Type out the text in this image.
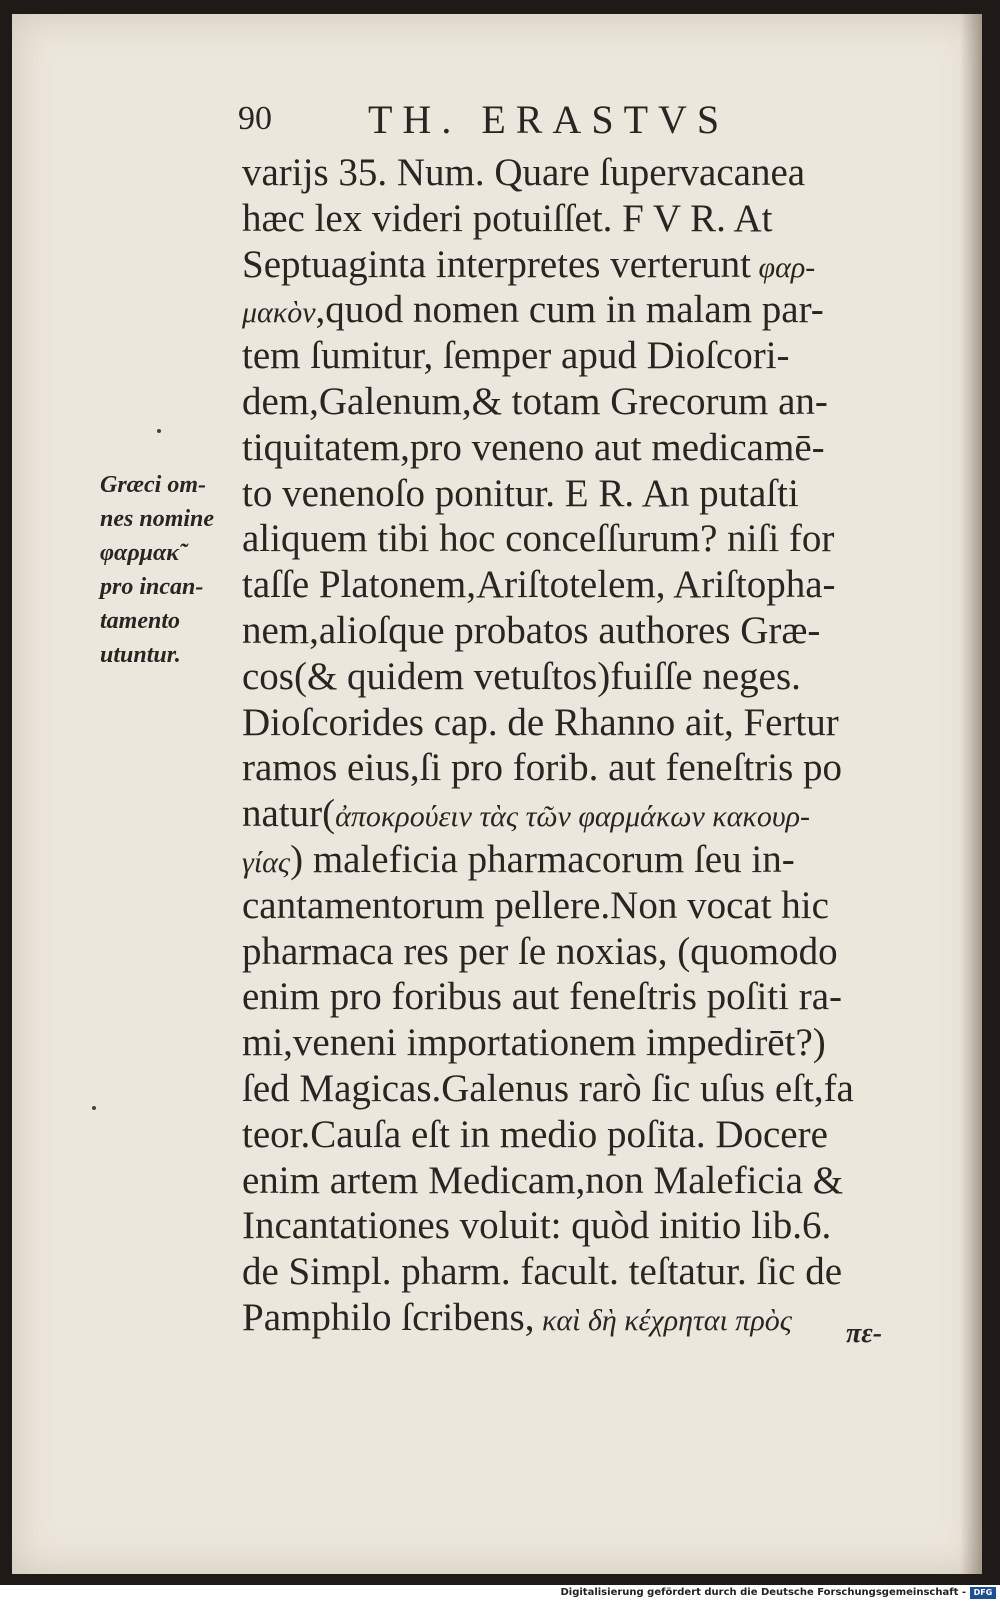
90 TH. ERASTVS
Græci om-
nes nomine
φαρμακ̃
pro incan-
tamento
utuntur.
varijs 35. Num. Quare ſupervacanea
hæc lex videri potuiſſet. F V R. At
Septuaginta interpretes verterunt φαρ-
μακὸν,quod nomen cum in malam par-
tem ſumitur, ſemper apud Dioſcori-
dem,Galenum,& totam Grecorum an-
tiquitatem,pro veneno aut medicamē-
to venenoſo ponitur. E R. An putaſti
aliquem tibi hoc conceſſurum? niſi for
taſſe Platonem,Ariſtotelem, Ariſtopha-
nem,alioſque probatos authores Græ-
cos(& quidem vetuſtos)fuiſſe neges.
Dioſcorides cap. de Rhanno ait, Fertur
ramos eius,ſi pro forib. aut feneſtris po
natur(ἀποκρούειν τὰς τῶν φαρμάκων κακουρ-
γίας) maleficia pharmacorum ſeu in-
cantamentorum pellere.Non vocat hic
pharmaca res per ſe noxias, (quomodo
enim pro foribus aut feneſtris poſiti ra-
mi,veneni importationem impedirēt?)
ſed Magicas.Galenus rarò ſic uſus eſt,fa
teor.Cauſa eſt in medio poſita. Docere
enim artem Medicam,non Maleficia &
Incantationes voluit: quòd initio lib.6.
de Simpl. pharm. facult. teſtatur. ſic de
Pamphilo ſcribens, καὶ δὴ κέχρηται πρὸς	πε-
Digitalisierung gefördert durch die Deutsche Forschungsgemeinschaft - DFG
